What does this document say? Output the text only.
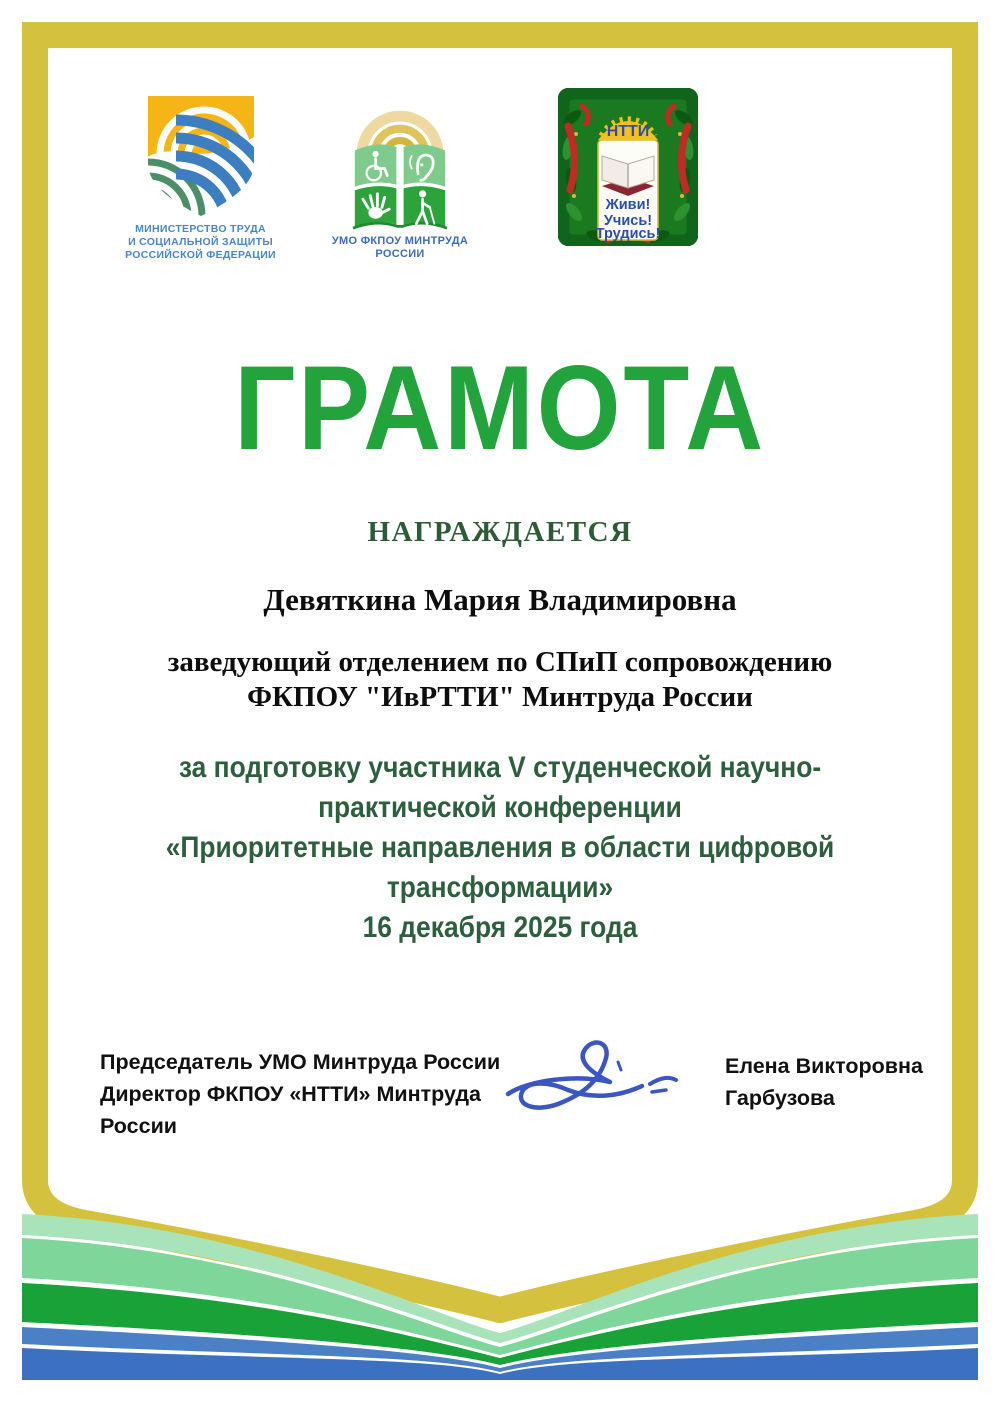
МИНИСТЕРСТВО ТРУДА
И СОЦИАЛЬНОЙ ЗАЩИТЫ
РОССИЙСКОЙ ФЕДЕРАЦИИ
УМО ФКПОУ МИНТРУДА РОССИИ
НТТИ
Живи!
Учись!
Трудись!
ГРАМОТА
НАГРАЖДАЕТСЯ
Девяткина Мария Владимировна
заведующий отделением по СПиП сопровождению
ФКПОУ "ИвРТТИ" Минтруда России
за подготовку участника V студенческой научно-
практической конференции
«Приоритетные направления в области цифровой
трансформации»
16 декабря 2025 года
Председатель УМО Минтруда России
Директор ФКПОУ «НТТИ» Минтруда
России
Елена Викторовна
Гарбузова
